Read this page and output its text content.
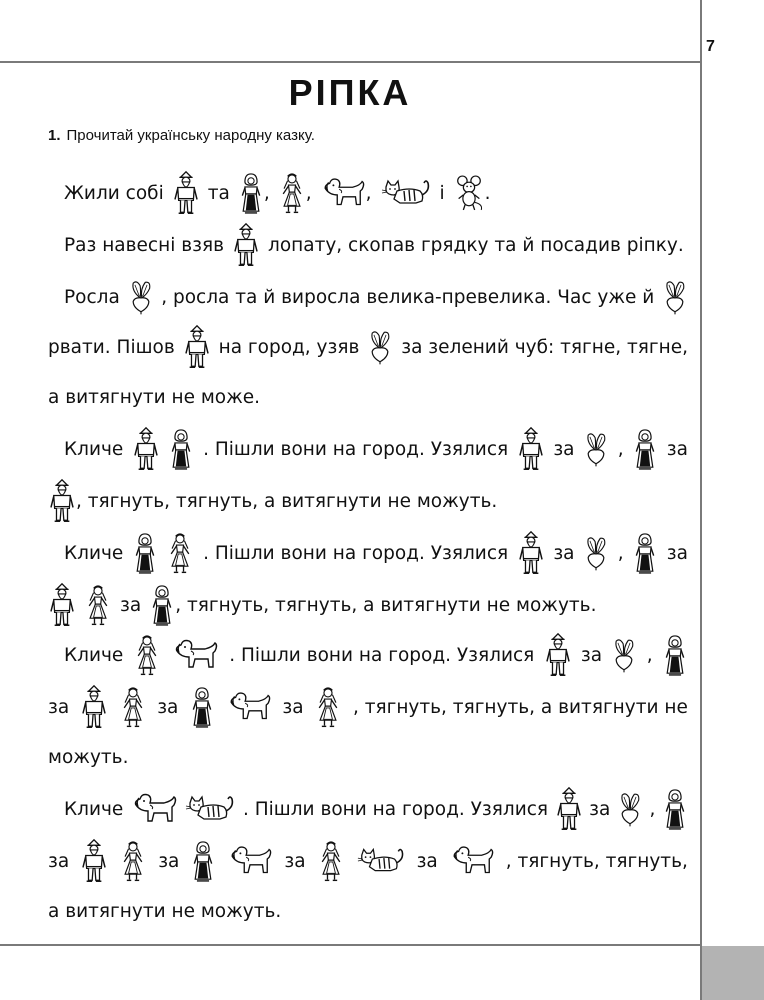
7
РІПКА
1. Прочитай українську народну казку.
Жили собі та , ,	,	і .
Раз навесні взяв лопату, скопав грядку та й посадив ріпку.
Росла , росла та й виросла велика-превелика. Час уже й
рвати. Пішов на город, узяв за зелений чуб: тягне, тягне,
а витягнути не може.
Кличе	. Пішли вони на город. Узялися за , за
, тягнуть, тягнуть, а витягнути не можуть.
Кличе	. Пішли вони на город. Узялися за , за
за , тягнуть, тягнуть, а витягнути не можуть.
Кличе	. Пішли вони на город. Узялися	за ,
за	за	за	, тягнуть, тягнуть, а витягнути не
можуть.
Кличе	. Пішли вони на город. Узялися за ,
за	за	за	за	, тягнуть, тягнуть,
а витягнути не можуть.
